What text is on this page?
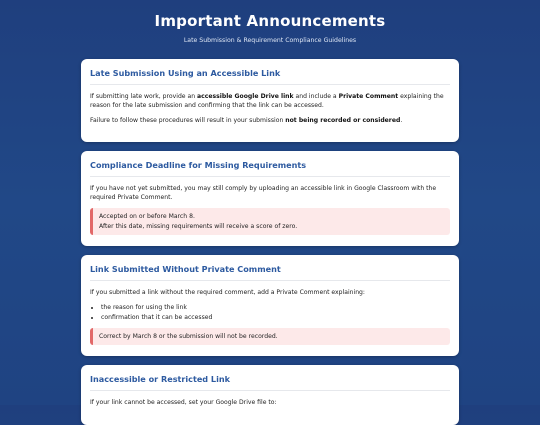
Important Announcements
Late Submission & Requirement Compliance Guidelines
Late Submission Using an Accessible Link

If submitting late work, provide an accessible Google Drive link and include a Private Comment explaining the reason for the late submission and confirming that the link can be accessed.

Failure to follow these procedures will result in your submission not being recorded or considered.

Compliance Deadline for Missing Requirements

If you have not yet submitted, you may still comply by uploading an accessible link in Google Classroom with the required Private Comment.

Accepted on or before March 8.
After this date, missing requirements will receive a score of zero.
Link Submitted Without Private Comment

If you submitted a link without the required comment, add a Private Comment explaining:

• the reason for using the link
• confirmation that it can be accessed
Correct by March 8 or the submission will not be recorded.
Inaccessible or Restricted Link

If your link cannot be accessed, set your Google Drive file to:
